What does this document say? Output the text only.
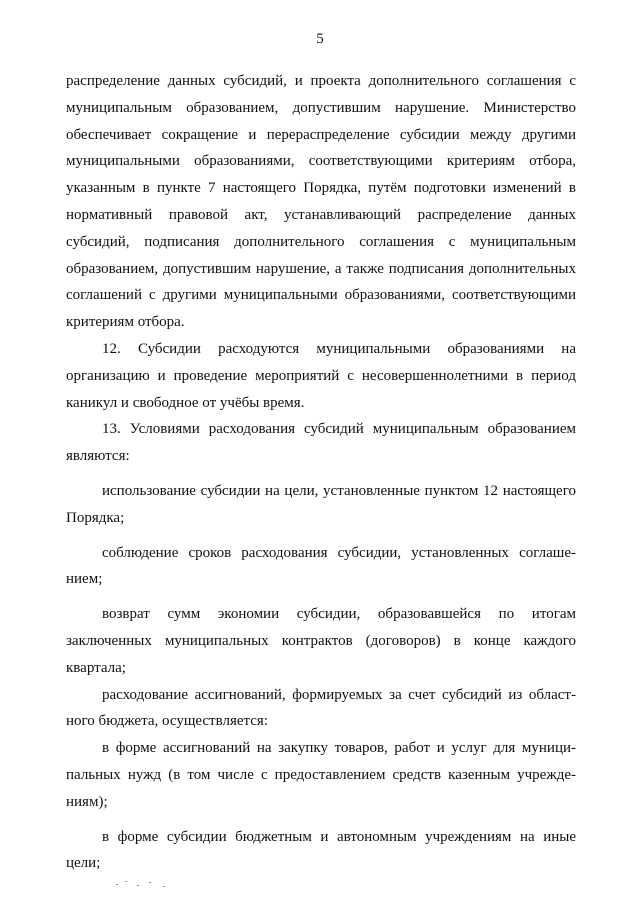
5
распределение данных субсидий, и проекта дополнительного соглашения с
муниципальным образованием, допустившим нарушение. Министерство
обеспечивает сокращение и перераспределение субсидии между другими
муниципальными образованиями, соответствующими критериям отбора,
указанным в пункте 7 настоящего Порядка, путём подготовки изменений в
нормативный правовой акт, устанавливающий распределение данных
субсидий, подписания дополнительного соглашения с муниципальным
образованием, допустившим нарушение, а также подписания дополнительных
соглашений с другими муниципальными образованиями, соответствующими
критериям отбора.
12. Субсидии расходуются муниципальными образованиями на
организацию и проведение мероприятий с несовершеннолетними в период
каникул и свободное от учёбы время.
13. Условиями расходования субсидий муниципальным образованием
являются:
использование субсидии на цели, установленные пунктом 12 настоящего
Порядка;
соблюдение сроков расходования субсидии, установленных соглаше-
нием;
возврат сумм экономии субсидии, образовавшейся по итогам
заключенных муниципальных контрактов (договоров) в конце каждого
квартала;
расходование ассигнований, формируемых за счет субсидий из област-
ного бюджета, осуществляется:
в форме ассигнований на закупку товаров, работ и услуг для муници-
пальных нужд (в том числе с предоставлением средств казенным учрежде-
ниям);
в форме субсидии бюджетным и автономным учреждениям на иные
цели;
